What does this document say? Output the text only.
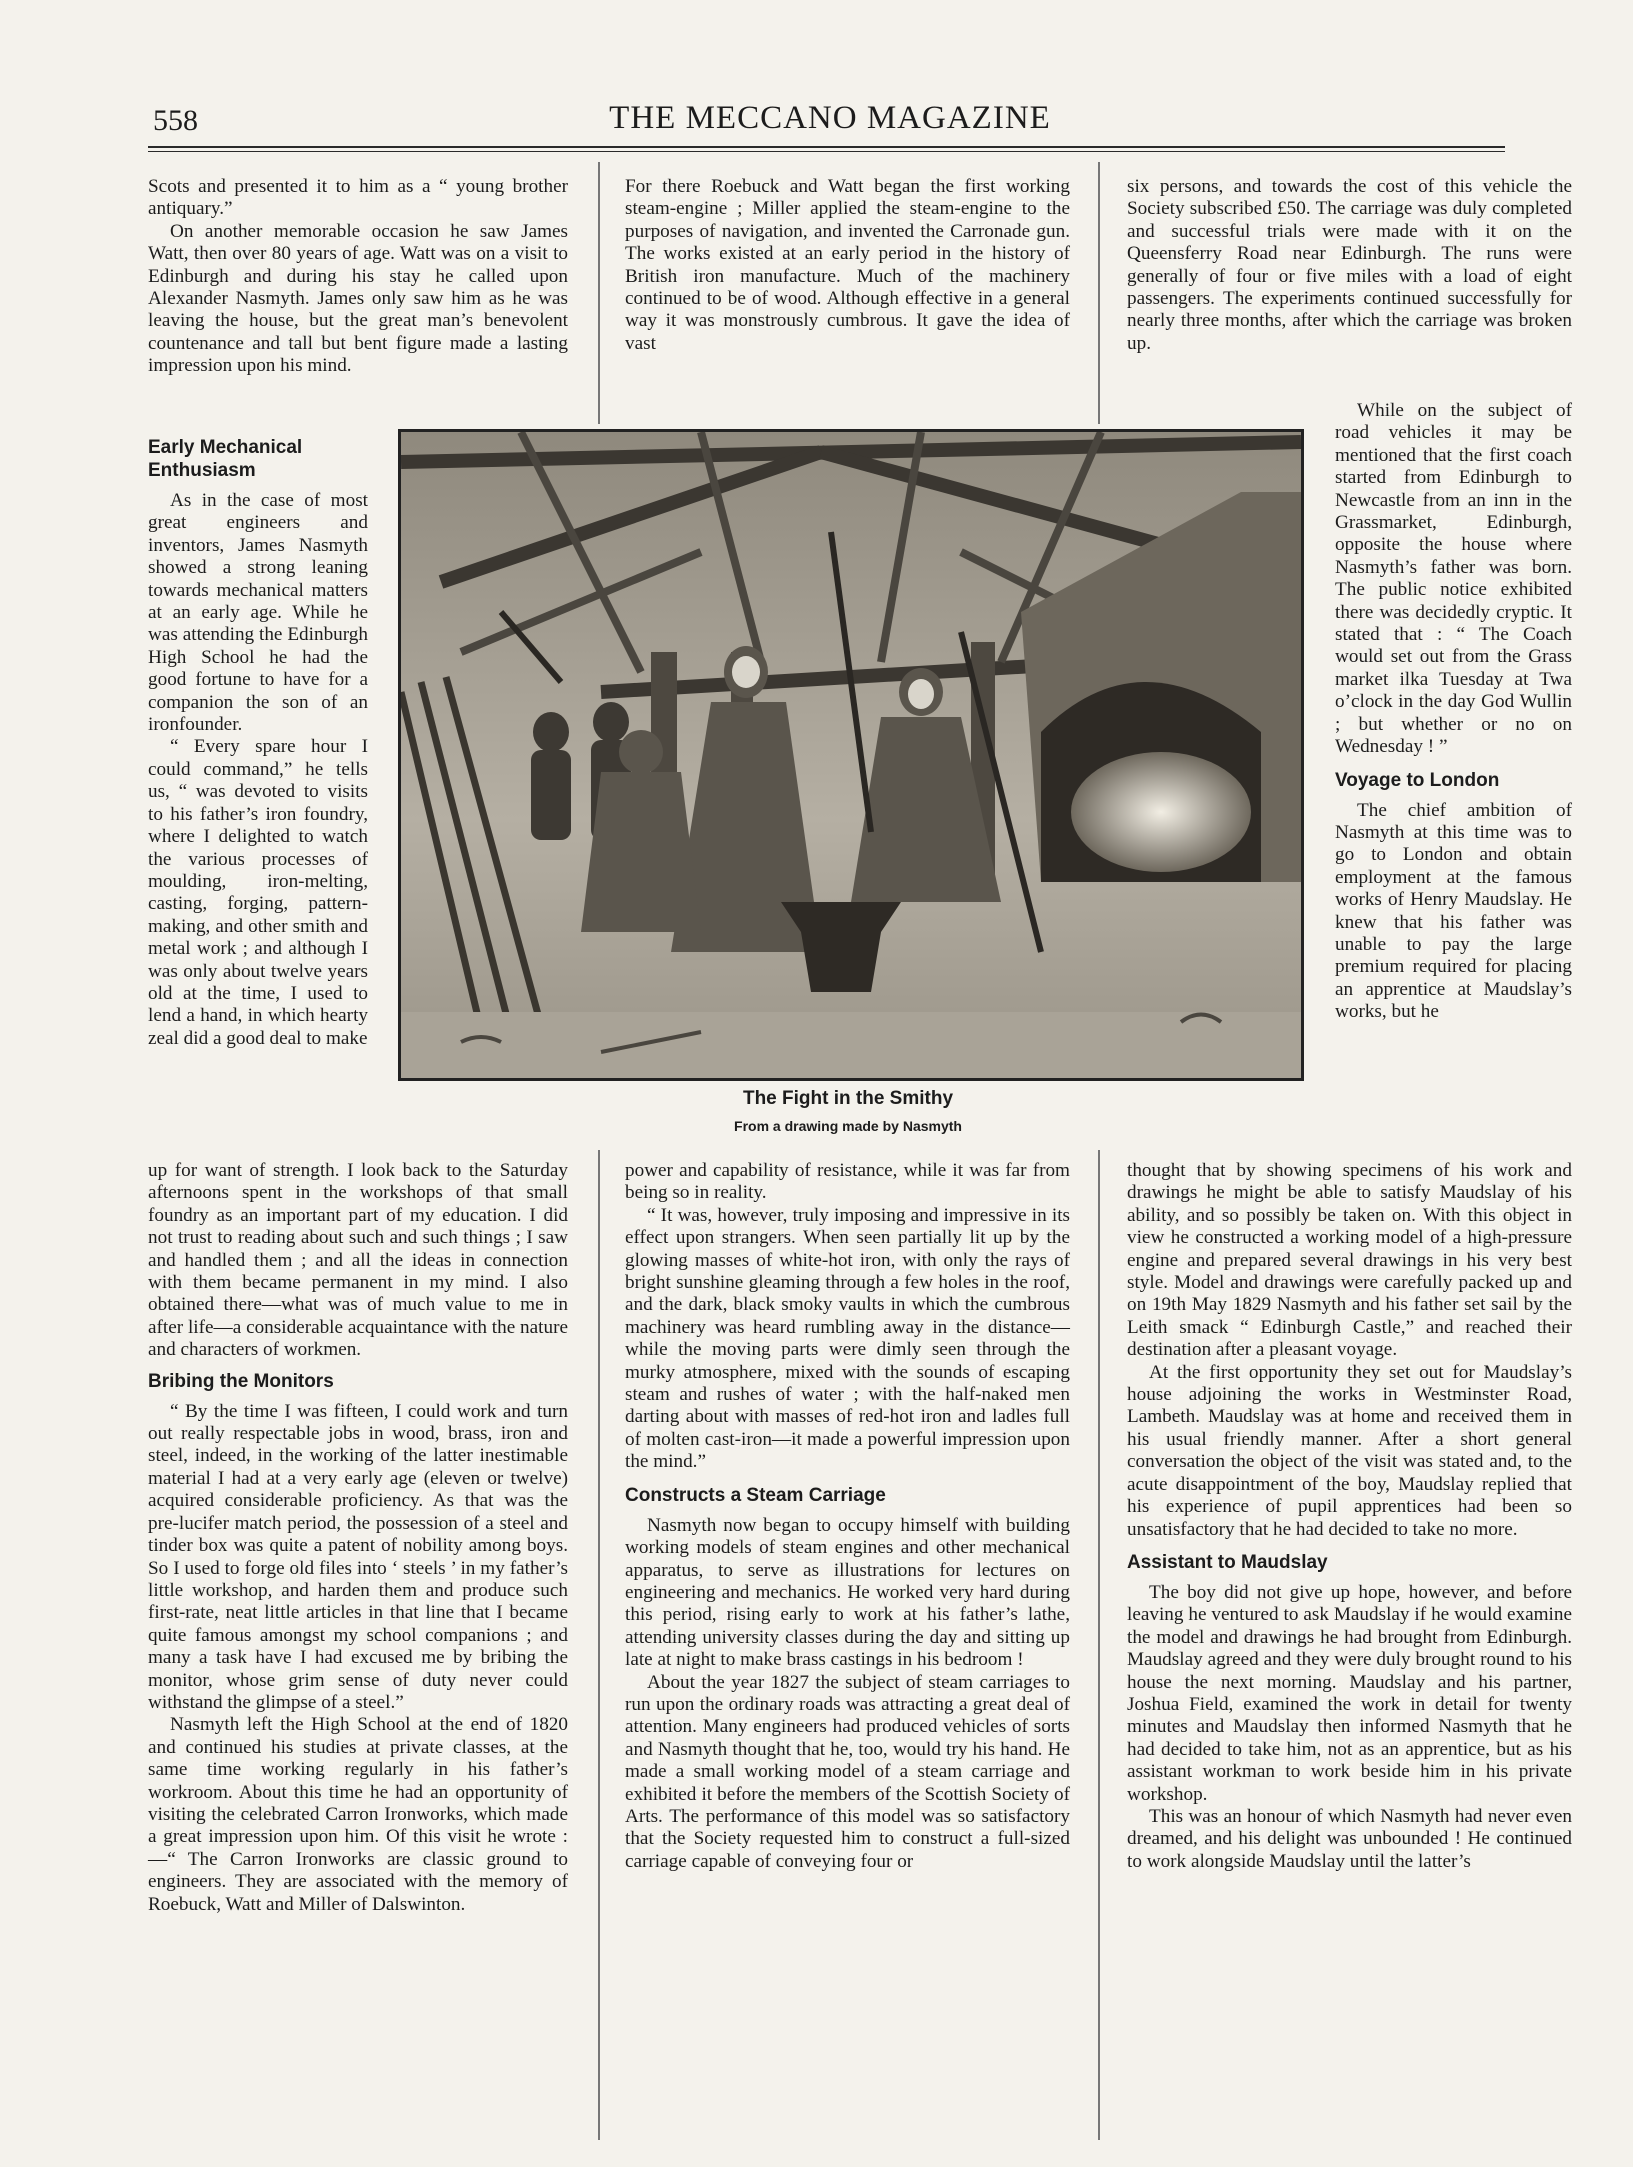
558	THE MECCANO MAGAZINE

Scots and presented it to him as a “ young brother antiquary.”

On another memorable occasion he saw James Watt, then over 80 years of age. Watt was on a visit to Edinburgh and during his stay he called upon Alexander Nasmyth. James only saw him as he was leaving the house, but the great man’s benevolent countenance and tall but bent figure made a lasting impression upon his mind.

Early Mechanical Enthusiasm

As in the case of most great engineers and inventors, James Nasmyth showed a strong leaning towards mechanical matters at an early age. While he was attending the Edinburgh High School he had the good fortune to have for a companion the son of an ironfounder.

“ Every spare hour I could command,” he tells us, “ was devoted to visits to his father’s iron foundry, where I delighted to watch the various processes of moulding, iron-melting, casting, forging, pattern-making, and other smith and metal work ; and although I was only about twelve years old at the time, I used to lend a hand, in which hearty zeal did a good deal to make

up for want of strength. I look back to the Saturday afternoons spent in the workshops of that small foundry as an important part of my education. I did not trust to reading about such and such things ; I saw and handled them ; and all the ideas in connection with them became permanent in my mind. I also obtained there—what was of much value to me in after life—a considerable acquaintance with the nature and characters of workmen.

Bribing the Monitors

“ By the time I was fifteen, I could work and turn out really respectable jobs in wood, brass, iron and steel, indeed, in the working of the latter inestimable material I had at a very early age (eleven or twelve) acquired considerable proficiency. As that was the pre-lucifer match period, the possession of a steel and tinder box was quite a patent of nobility among boys. So I used to forge old files into ‘ steels ’ in my father’s little workshop, and harden them and produce such first-rate, neat little articles in that line that I became quite famous amongst my school companions ; and many a task have I had excused me by bribing the monitor, whose grim sense of duty never could withstand the glimpse of a steel.”

Nasmyth left the High School at the end of 1820 and continued his studies at private classes, at the same time working regularly in his father’s workroom. About this time he had an opportunity of visiting the celebrated Carron Ironworks, which made a great impression upon him. Of this visit he wrote :—“ The Carron Ironworks are classic ground to engineers. They are associated with the memory of Roebuck, Watt and Miller of Dalswinton.

For there Roebuck and Watt began the first working steam-engine ; Miller applied the steam-engine to the purposes of navigation, and invented the Carronade gun. The works existed at an early period in the history of British iron manufacture. Much of the machinery continued to be of wood. Although effective in a general way it was monstrously cumbrous. It gave the idea of vast

power and capability of resistance, while it was far from being so in reality.

“ It was, however, truly imposing and impressive in its effect upon strangers. When seen partially lit up by the glowing masses of white-hot iron, with only the rays of bright sunshine gleaming through a few holes in the roof, and the dark, black smoky vaults in which the cumbrous machinery was heard rumbling away in the distance—while the moving parts were dimly seen through the murky atmosphere, mixed with the sounds of escaping steam and rushes of water ; with the half-naked men darting about with masses of red-hot iron and ladles full of molten cast-iron—it made a powerful impression upon the mind.”

Constructs a Steam Carriage

Nasmyth now began to occupy himself with building working models of steam engines and other mechanical apparatus, to serve as illustrations for lectures on engineering and mechanics. He worked very hard during this period, rising early to work at his father’s lathe, attending university classes during the day and sitting up late at night to make brass castings in his bedroom !

About the year 1827 the subject of steam carriages to run upon the ordinary roads was attracting a great deal of attention. Many engineers had produced vehicles of sorts and Nasmyth thought that he, too, would try his hand. He made a small working model of a steam carriage and exhibited it before the members of the Scottish Society of Arts. The performance of this model was so satisfactory that the Society requested him to construct a full-sized carriage capable of conveying four or

six persons, and towards the cost of this vehicle the Society subscribed £50. The carriage was duly completed and successful trials were made with it on the Queensferry Road near Edinburgh. The runs were generally of four or five miles with a load of eight passengers. The experiments continued successfully for nearly three months, after which the carriage was broken up.

While on the subject of road vehicles it may be mentioned that the first coach started from Edinburgh to Newcastle from an inn in the Grassmarket, Edinburgh, opposite the house where Nasmyth’s father was born. The public notice exhibited there was decidedly cryptic. It stated that : “ The Coach would set out from the Grass market ilka Tuesday at Twa o’clock in the day God Wullin ; but whether or no on Wednesday ! ”

Voyage to London

The chief ambition of Nasmyth at this time was to go to London and obtain employment at the famous works of Henry Maudslay. He knew that his father was unable to pay the large premium required for placing an apprentice at Maudslay’s works, but he

thought that by showing specimens of his work and drawings he might be able to satisfy Maudslay of his ability, and so possibly be taken on. With this object in view he constructed a working model of a high-pressure engine and prepared several drawings in his very best style. Model and drawings were carefully packed up and on 19th May 1829 Nasmyth and his father set sail by the Leith smack “ Edinburgh Castle,” and reached their destination after a pleasant voyage.

At the first opportunity they set out for Maudslay’s house adjoining the works in Westminster Road, Lambeth. Maudslay was at home and received them in his usual friendly manner. After a short general conversation the object of the visit was stated and, to the acute disappointment of the boy, Maudslay replied that his experience of pupil apprentices had been so unsatisfactory that he had decided to take no more.

Assistant to Maudslay

The boy did not give up hope, however, and before leaving he ventured to ask Maudslay if he would examine the model and drawings he had brought from Edinburgh. Maudslay agreed and they were duly brought round to his house the next morning. Maudslay and his partner, Joshua Field, examined the work in detail for twenty minutes and Maudslay then informed Nasmyth that he had decided to take him, not as an apprentice, but as his assistant workman to work beside him in his private workshop.

This was an honour of which Nasmyth had never even dreamed, and his delight was unbounded ! He continued to work alongside Maudslay until the latter’s

The Fight in the Smithy
From a drawing made by Nasmyth
